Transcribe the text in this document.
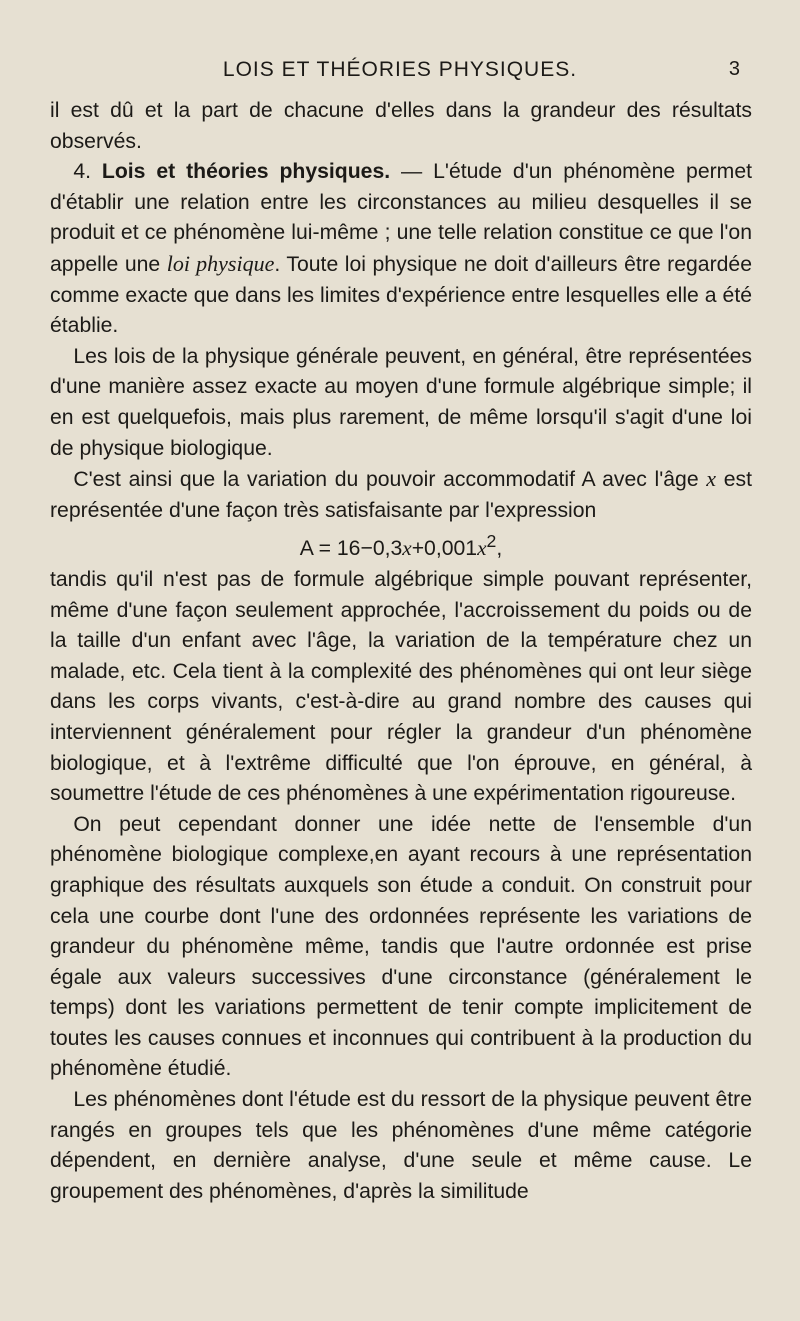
LOIS ET THÉORIES PHYSIQUES.	3

il est dû et la part de chacune d'elles dans la grandeur des résultats observés.

4. Lois et théories physiques. — L'étude d'un phénomène permet d'établir une relation entre les circonstances au milieu desquelles il se produit et ce phénomène lui-même ; une telle relation constitue ce que l'on appelle une loi physique. Toute loi physique ne doit d'ailleurs être regardée comme exacte que dans les limites d'expérience entre lesquelles elle a été établie.

Les lois de la physique générale peuvent, en général, être représentées d'une manière assez exacte au moyen d'une formule algébrique simple; il en est quelquefois, mais plus rarement, de même lorsqu'il s'agit d'une loi de physique biologique.

C'est ainsi que la variation du pouvoir accommodatif A avec l'âge x est représentée d'une façon très satisfaisante par l'expression

$A = 16-0,3x+0,001x^2$,

tandis qu'il n'est pas de formule algébrique simple pouvant représenter, même d'une façon seulement approchée, l'accroissement du poids ou de la taille d'un enfant avec l'âge, la variation de la température chez un malade, etc. Cela tient à la complexité des phénomènes qui ont leur siège dans les corps vivants, c'est-à-dire au grand nombre des causes qui interviennent généralement pour régler la grandeur d'un phénomène biologique, et à l'extrême difficulté que l'on éprouve, en général, à soumettre l'étude de ces phénomènes à une expérimentation rigoureuse.

On peut cependant donner une idée nette de l'ensemble d'un phénomène biologique complexe,en ayant recours à une représentation graphique des résultats auxquels son étude a conduit. On construit pour cela une courbe dont l'une des ordonnées représente les variations de grandeur du phénomène même, tandis que l'autre ordonnée est prise égale aux valeurs successives d'une circonstance (généralement le temps) dont les variations permettent de tenir compte implicitement de toutes les causes connues et inconnues qui contribuent à la production du phénomène étudié.

Les phénomènes dont l'étude est du ressort de la physique peuvent être rangés en groupes tels que les phénomènes d'une même catégorie dépendent, en dernière analyse, d'une seule et même cause. Le groupement des phénomènes, d'après la similitude
